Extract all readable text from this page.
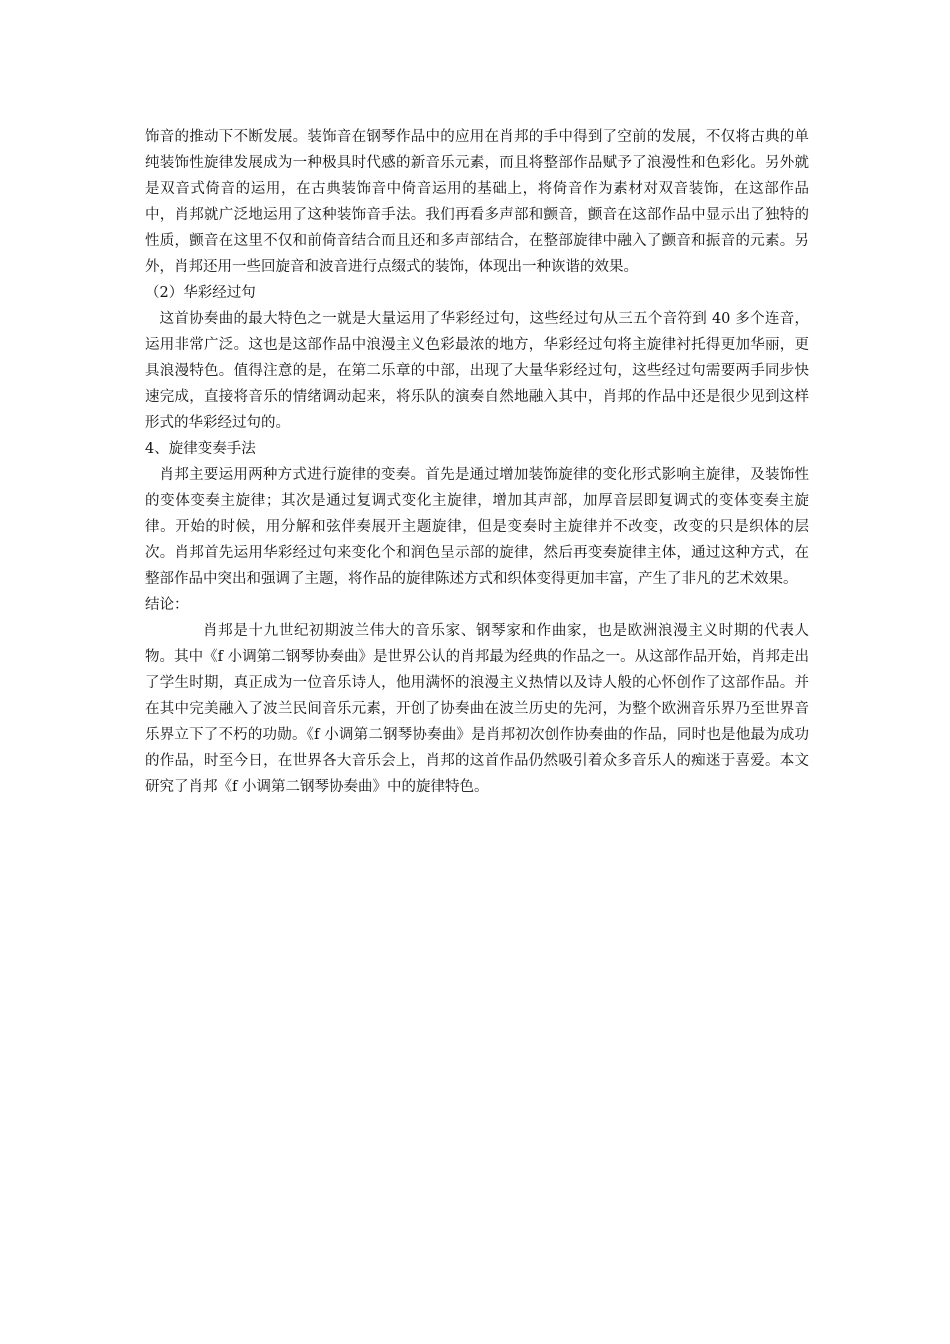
饰音的推动下不断发展。装饰音在钢琴作品中的应用在肖邦的手中得到了空前的发展，不仅将古典的单纯装饰性旋律发展成为一种极具时代感的新音乐元素，而且将整部作品赋予了浪漫性和色彩化。另外就是双音式倚音的运用，在古典装饰音中倚音运用的基础上，将倚音作为素材对双音装饰，在这部作品中，肖邦就广泛地运用了这种装饰音手法。我们再看多声部和颤音，颤音在这部作品中显示出了独特的性质，颤音在这里不仅和前倚音结合而且还和多声部结合，在整部旋律中融入了颤音和振音的元素。另外，肖邦还用一些回旋音和波音进行点缀式的装饰，体现出一种诙谐的效果。

（2）华彩经过句

这首协奏曲的最大特色之一就是大量运用了华彩经过句，这些经过句从三五个音符到 40 多个连音，运用非常广泛。这也是这部作品中浪漫主义色彩最浓的地方，华彩经过句将主旋律衬托得更加华丽，更具浪漫特色。值得注意的是，在第二乐章的中部，出现了大量华彩经过句，这些经过句需要两手同步快速完成，直接将音乐的情绪调动起来，将乐队的演奏自然地融入其中，肖邦的作品中还是很少见到这样形式的华彩经过句的。

4、旋律变奏手法

肖邦主要运用两种方式进行旋律的变奏。首先是通过增加装饰旋律的变化形式影响主旋律，及装饰性的变体变奏主旋律；其次是通过复调式变化主旋律，增加其声部，加厚音层即复调式的变体变奏主旋律。开始的时候，用分解和弦伴奏展开主题旋律，但是变奏时主旋律并不改变，改变的只是织体的层次。肖邦首先运用华彩经过句来变化个和润色呈示部的旋律，然后再变奏旋律主体，通过这种方式，在整部作品中突出和强调了主题，将作品的旋律陈述方式和织体变得更加丰富，产生了非凡的艺术效果。

结论：

肖邦是十九世纪初期波兰伟大的音乐家、钢琴家和作曲家，也是欧洲浪漫主义时期的代表人物。其中《f 小调第二钢琴协奏曲》是世界公认的肖邦最为经典的作品之一。从这部作品开始，肖邦走出了学生时期，真正成为一位音乐诗人，他用满怀的浪漫主义热情以及诗人般的心怀创作了这部作品。并在其中完美融入了波兰民间音乐元素，开创了协奏曲在波兰历史的先河，为整个欧洲音乐界乃至世界音乐界立下了不朽的功勋。《f 小调第二钢琴协奏曲》是肖邦初次创作协奏曲的作品，同时也是他最为成功的作品，时至今日，在世界各大音乐会上，肖邦的这首作品仍然吸引着众多音乐人的痴迷于喜爱。本文研究了肖邦《f 小调第二钢琴协奏曲》中的旋律特色。
